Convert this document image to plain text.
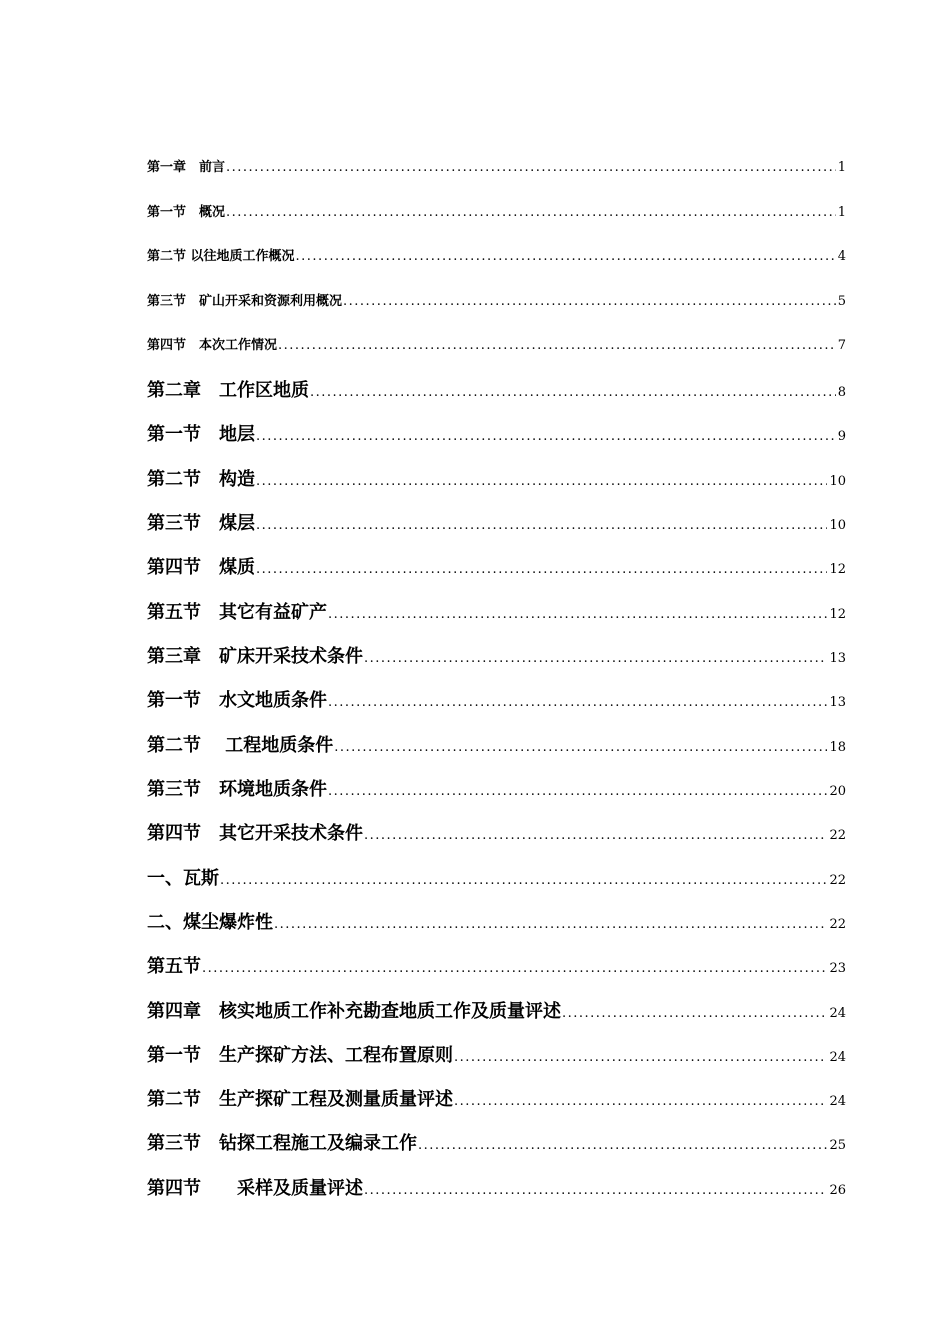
第一章　前言 .....	1
第一节　概况 .....	1
第二节 以往地质工作概况 .....	4
第三节　矿山开采和资源利用概况 .....	5
第四节　本次工作情况 .....	7
第二章　工作区地质 .....	8
第一节　地层 .....	9
第二节　构造 .....	10
第三节　煤层 .....	10
第四节　煤质 .....	12
第五节　其它有益矿产 .....	12
第三章　矿床开采技术条件 .....	13
第一节　水文地质条件 .....	13
第二节　 工程地质条件 .....	18
第三节　环境地质条件 .....	20
第四节　其它开采技术条件 .....	22
一、瓦斯 .....	22
二、煤尘爆炸性 .....	22
第五节 .....	23
第四章　核实地质工作补充勘查地质工作及质量评述 .....	24
第一节　生产探矿方法、工程布置原则 .....	24
第二节　生产探矿工程及测量质量评述 .....	24
第三节　钻探工程施工及编录工作 .....	25
第四节　　采样及质量评述 .....	26
